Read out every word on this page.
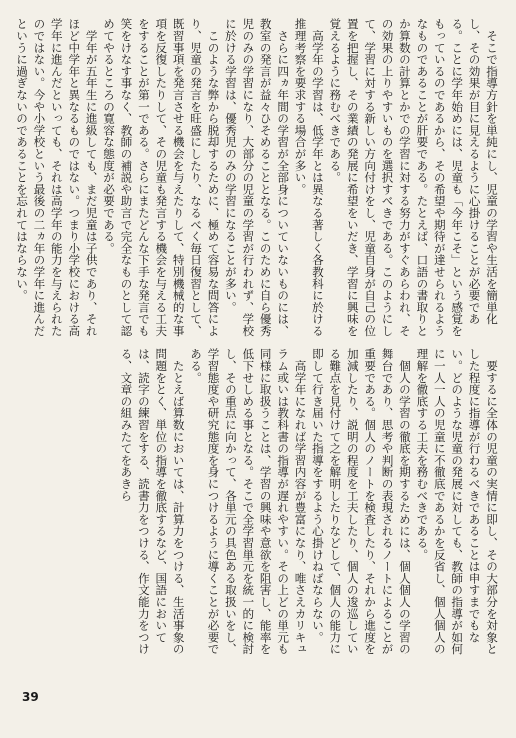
　そこで指導方針を単純にし、児童の学習や生活を簡単化し、その効果が目に見えるように心掛けることが必要である。ことに学年始めには、児童も「今年こそ」という感覚をもっているのであるから、その希望や期待が達せられるようなものであることが肝要である。たとえば、口語の書取りとか算数の計算とかでの学習に対する努力がすぐあらわれ、その効果の上りやすいものを選択すべきである。このようにして、学習に対する新しい方向付けをし、児童自身が自己の位置を把握し、その業績の発展に希望をいだき、学習に興味を覚えるように務むべきである。

　高学年の学習は、低学年とは異なる著しく各教科に於ける推理考察を要求する場合が多い。

　さらに四ヵ年間の学習が全部身についていないものには、教室の発言が益々ひそめることとなる。このために自ら優秀児のみの学習になり、大部分の児童の学習が行われず、学校に於ける学習は、優秀児のみの学習になることが多い。

　このような弊から脱却するために、極めて容易な問答により、児童の発言を旺盛にしたり、なるべく毎日復習として、既習事項を発言させる機会を与えたりして、特別機械的な事項を反復したりして、その児童も発言する機会を与える工夫をすることが第一である。さらにまたどんな下手な発言でも笑をけなす事なく、教師の補説や助言で完全なものとして認めてやるところの寛容な態度が必要である。

　学年が五年生に進級しても、まだ児童は子供であり、それほど中学年と異なるものではない。つまり小学校における高学年に進んだといっても、それは高学年の能力を与えられたのではない。今や小学校という最後の二ヵ年の学年に進んだというに過ぎないのであることを忘れてはならない。

　要するに全体の児童の実情に即し、その大部分を対象とした程度に指導が行わるべきであることは申すまでもない。どのような児童の発展に対しても、教師の指導が如何に一人一人の児童に不徹底であるかを反省し、個人個人の理解を徹底する工夫を務むべきである。

　個人の学習の徹底を期するためには、個人個人の学習の舞台であり、思考や判断の表現されるノートによることが重要である。個人のノートを検査したり、それから進度を加減したり、説明の程度を工夫したり、個人の逡巡している難点を見付けて之を解明したりなどして、個人の能力に即して行き届いた指導をするよう心掛けねばならない。

　高学年になれば学習内容が豊富になり、唯さえカリキュラム或いは教科書の指導が遅れやすい。その上どの単元も同様に取扱うことは、学習の興味や意欲を阻害し、能率を低下せしめる事となる。そこで全学習単元を統一的に検討し、その重点に向かって、各単元の具色ある取扱いをし、学習態度や研究態度を身につけるように導くことが必要である。

　たとえば算数においては、計算力をつける、生活事象の問題をとく、単位の指導を徹底するなど、国語においては、読字の練習をする、読書力をつける、作文能力をつける、文章の組みたてをあきら

39
